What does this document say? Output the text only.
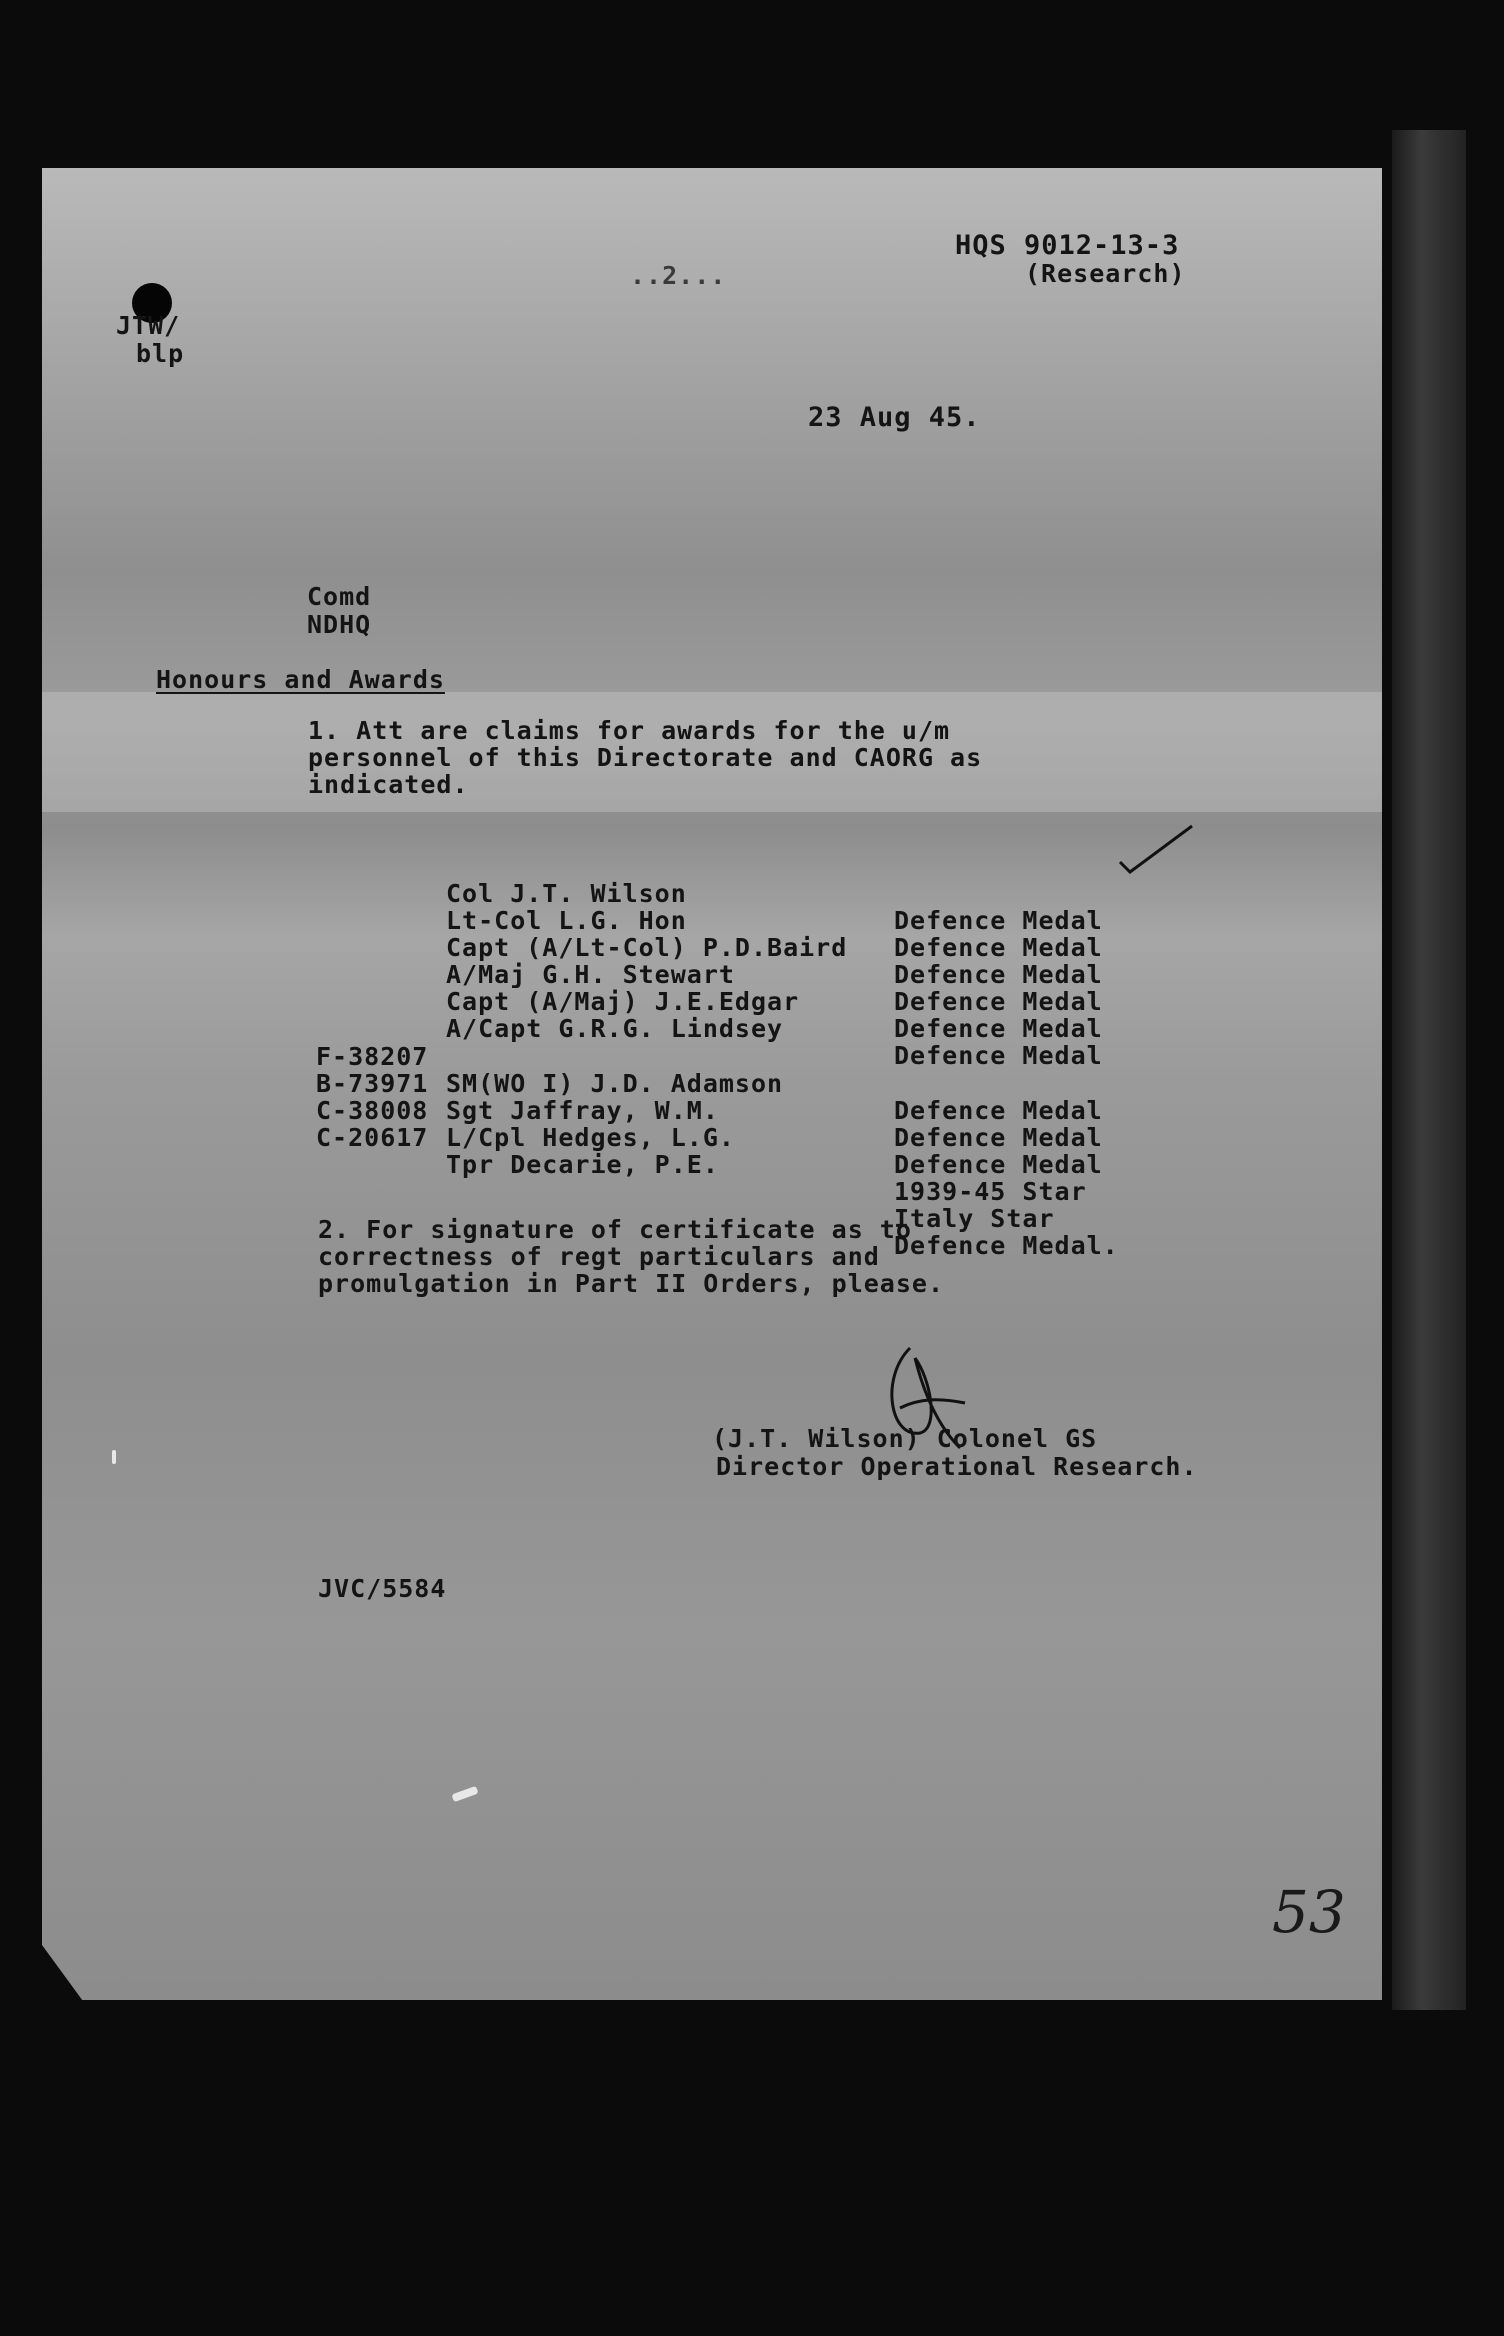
..2...
HQS 9012-13-3
(Research)
JTW/
blp
23 Aug 45.
Comd
NDHQ
Honours and Awards
1. Att are claims for awards for the u/m personnel of this Directorate and CAORG as indicated.

Col J.T. Wilson

Defence Medal

Lt-Col L.G. Hon

Defence Medal

Capt (A/Lt-Col) P.D.Baird

Defence Medal

A/Maj G.H. Stewart

Defence Medal

Capt (A/Maj) J.E.Edgar

Defence Medal

A/Capt G.R.G. Lindsey

Defence Medal

F-38207

SM(WO I) J.D. Adamson

Defence Medal

B-73971

Sgt Jaffray, W.M.

Defence Medal

C-38008

L/Cpl Hedges, L.G.

Defence Medal

C-20617

Tpr Decarie, P.E.

1939-45 Star

Italy Star

Defence Medal.

2. For signature of certificate as to correctness of regt particulars and promulgation in Part II Orders, please.
(J.T. Wilson) Colonel GS
Director Operational Research.
JVC/5584
53
